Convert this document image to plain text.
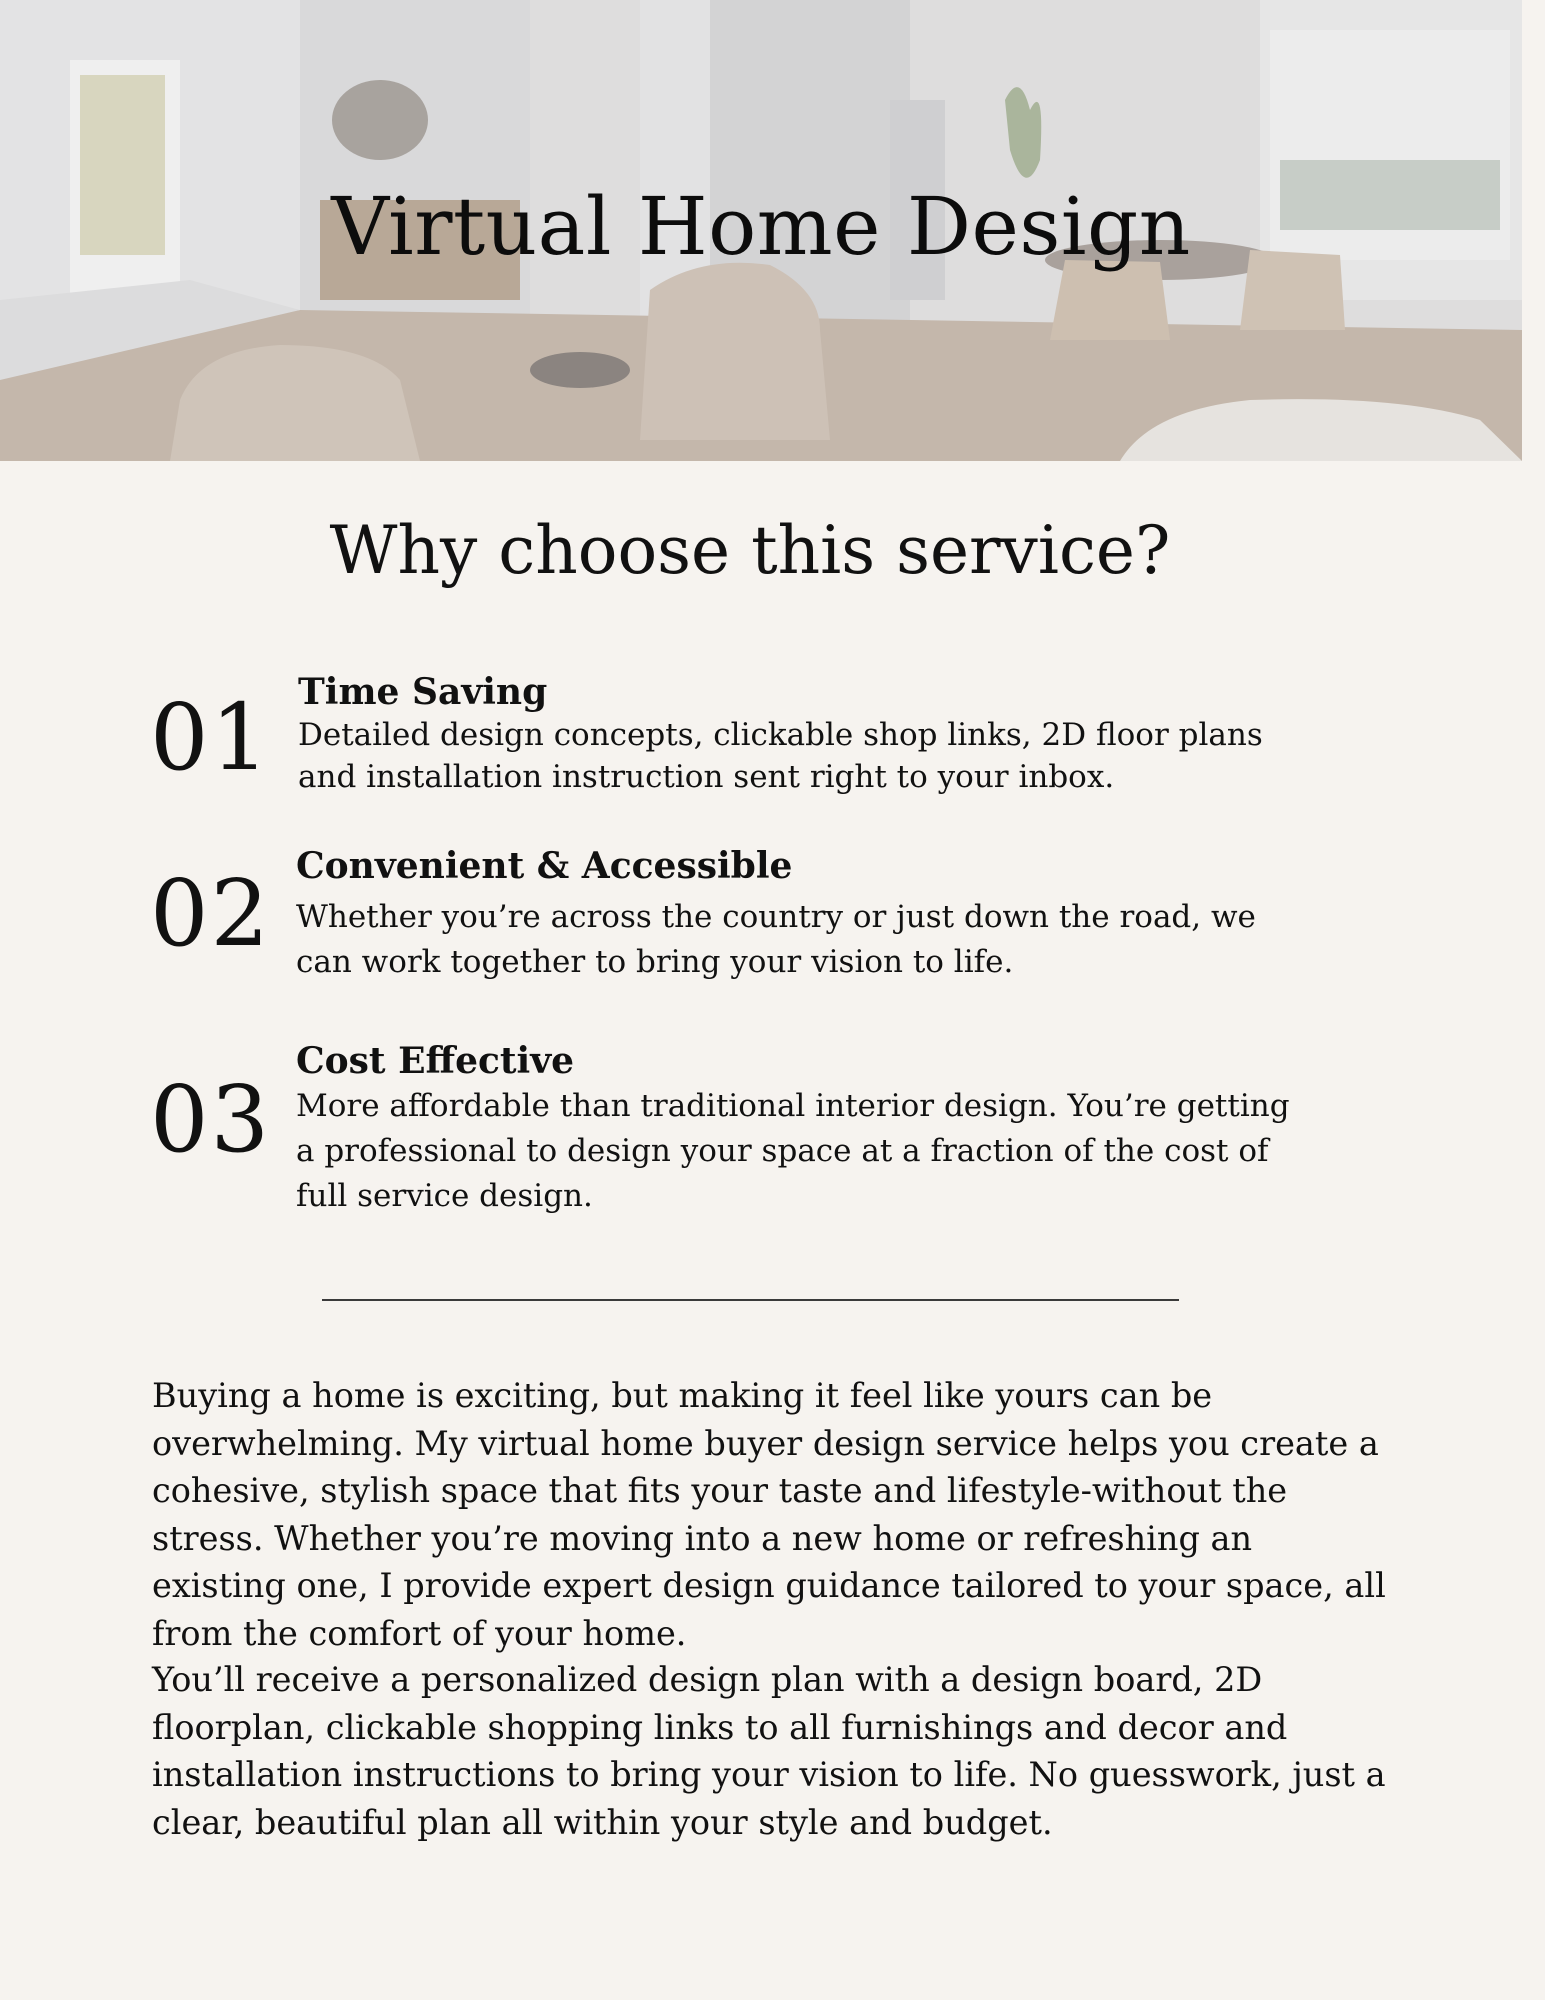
Virtual Home Design
Why choose this service?
01 Time Saving

Detailed design concepts, clickable shop links, 2D floor plans and installation instruction sent right to your inbox.

02 Convenient & Accessible

Whether you’re across the country or just down the road, we can work together to bring your vision to life.

03
Cost Effective

More affordable than traditional interior design. You’re getting a professional to design your space at a fraction of the cost of full service design.

Buying a home is exciting, but making it feel like yours can be overwhelming. My virtual home buyer design service helps you create a cohesive, stylish space that fits your taste and lifestyle-without the stress. Whether you’re moving into a new home or refreshing an existing one, I provide expert design guidance tailored to your space, all from the comfort of your home.

You’ll receive a personalized design plan with a design board, 2D floorplan, clickable shopping links to all furnishings and decor and installation instructions to bring your vision to life. No guesswork, just a clear, beautiful plan all within your style and budget.
